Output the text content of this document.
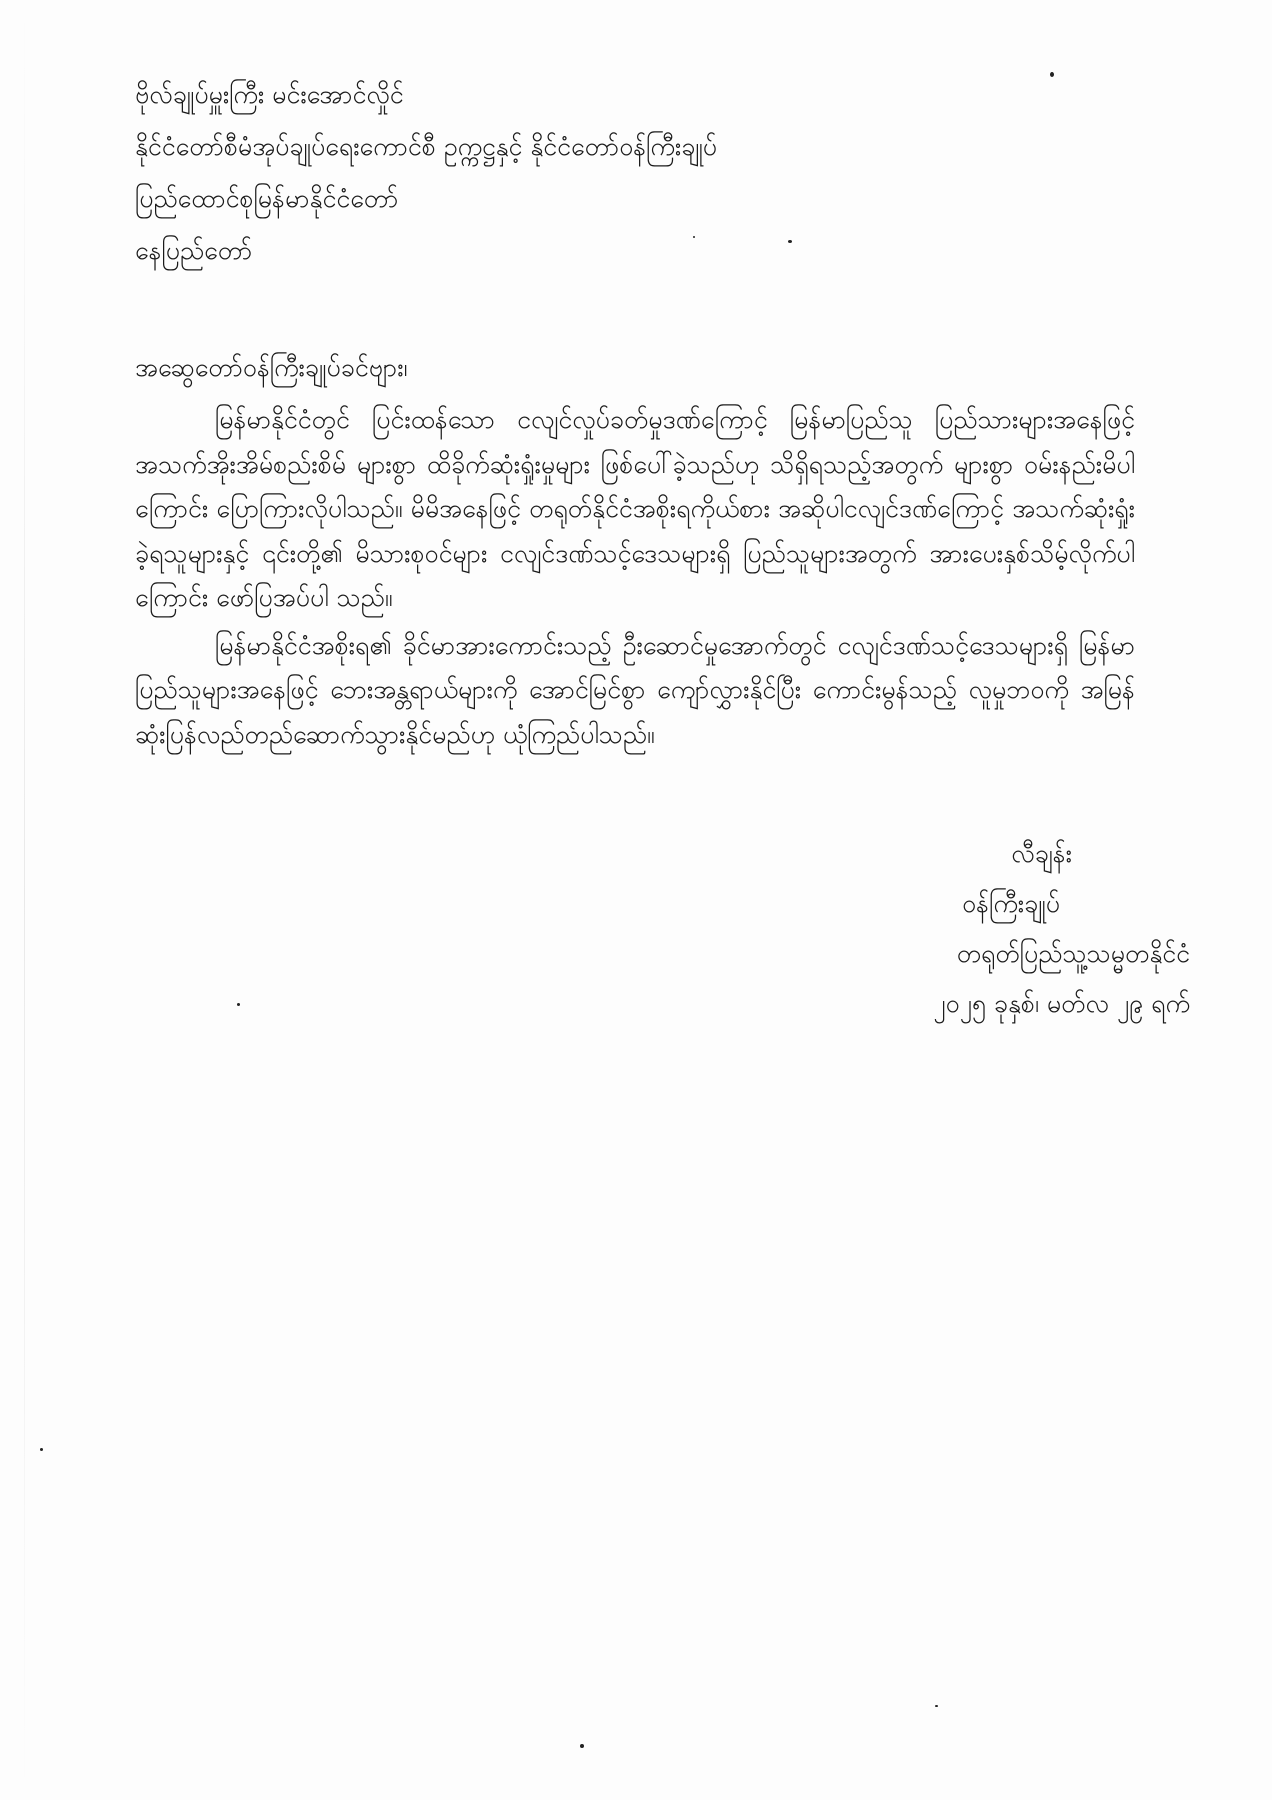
ဗိုလ်ချုပ်မှူးကြီး မင်းအောင်လှိုင်
နိုင်ငံတော်စီမံအုပ်ချုပ်ရေးကောင်စီ ဥက္ကဋ္ဌနှင့် နိုင်ငံတော်ဝန်ကြီးချုပ်
ပြည်ထောင်စုမြန်မာနိုင်ငံတော်
နေပြည်တော်
အဆွေတော်ဝန်ကြီးချုပ်ခင်ဗျား၊

မြန်မာနိုင်ငံတွင် ပြင်းထန်သော ငလျင်လှုပ်ခတ်မှုဒဏ်ကြောင့် မြန်မာပြည်သူ ပြည်သားများအနေဖြင့် အသက်အိုးအိမ်စည်းစိမ် များစွာ ထိခိုက်ဆုံးရှုံးမှုများ ဖြစ်ပေါ်ခဲ့သည်ဟု သိရှိရသည့်အတွက် များစွာ ဝမ်းနည်းမိပါကြောင်း ပြောကြားလိုပါသည်။ မိမိအနေဖြင့် တရုတ်နိုင်ငံအစိုးရကိုယ်စား အဆိုပါငလျင်ဒဏ်ကြောင့် အသက်ဆုံးရှုံးခဲ့ရသူများနှင့် ၎င်းတို့၏ မိသားစုဝင်များ ငလျင်ဒဏ်သင့်ဒေသများရှိ ပြည်သူများအတွက် အားပေးနှစ်သိမ့်လိုက်ပါကြောင်း ဖော်ပြအပ်ပါ သည်။

မြန်မာနိုင်ငံအစိုးရ၏ ခိုင်မာအားကောင်းသည့် ဦးဆောင်မှုအောက်တွင် ငလျင်ဒဏ်သင့်ဒေသများရှိ မြန်မာပြည်သူများအနေဖြင့် ဘေးအန္တရာယ်များကို အောင်မြင်စွာ ကျော်လွှားနိုင်ပြီး ကောင်းမွန်သည့် လူမှုဘဝကို အမြန်ဆုံးပြန်လည်တည်ဆောက်သွားနိုင်မည်ဟု ယုံကြည်ပါသည်။

လီချန်း
ဝန်ကြီးချုပ်
တရုတ်ပြည်သူ့သမ္မတနိုင်ငံ
၂၀၂၅ ခုနှစ်၊ မတ်လ ၂၉ ရက်
